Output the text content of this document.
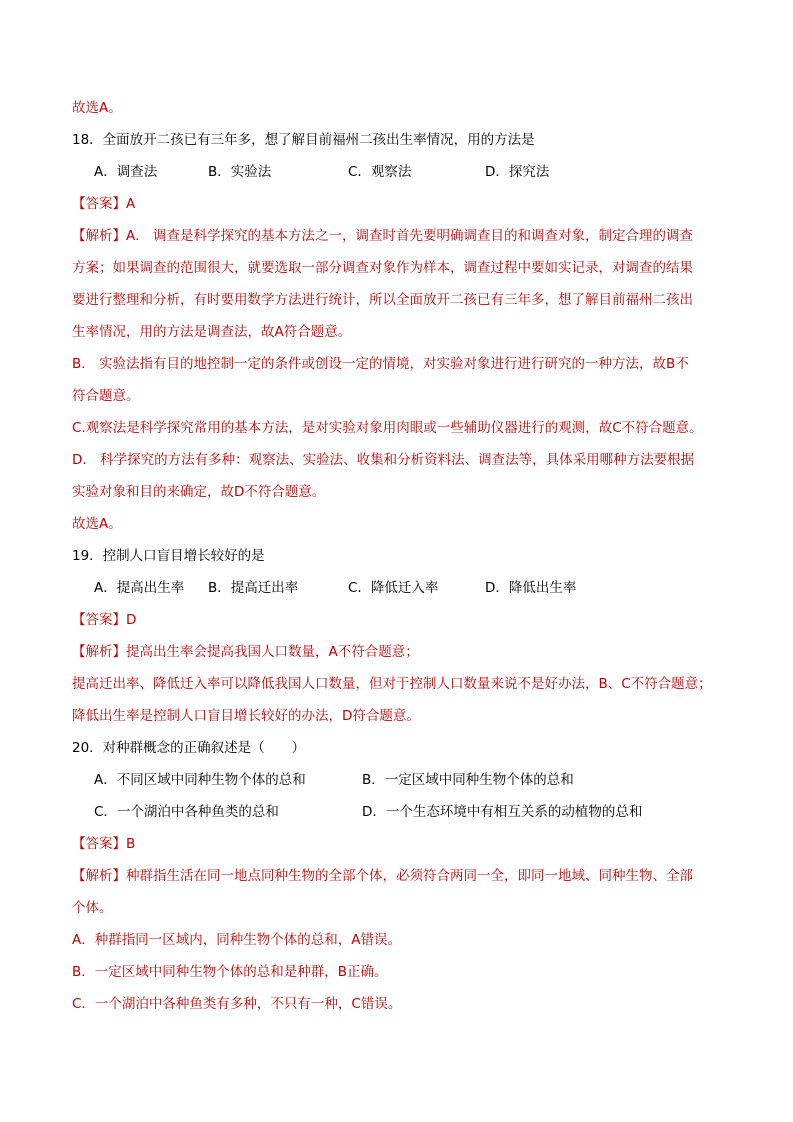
故选A。
18．全面放开二孩已有三年多，想了解目前福州二孩出生率情况，用的方法是
A．调查法	B．实验法	C．观察法	D．探究法
【答案】A
【解析】A． 调查是科学探究的基本方法之一，调查时首先要明确调查目的和调查对象，制定合理的调查
方案；如果调查的范围很大，就要选取一部分调查对象作为样本，调查过程中要如实记录，对调查的结果
要进行整理和分析，有时要用数学方法进行统计，所以全面放开二孩已有三年多，想了解目前福州二孩出
生率情况，用的方法是调查法，故A符合题意。
B． 实验法指有目的地控制一定的条件或创设一定的情境，对实验对象进行进行研究的一种方法，故B不
符合题意。
C.观察法是科学探究常用的基本方法，是对实验对象用肉眼或一些辅助仪器进行的观测，故C不符合题意。
D． 科学探究的方法有多种：观察法、实验法、收集和分析资料法、调查法等，具体采用哪种方法要根据
实验对象和目的来确定，故D不符合题意。
故选A。
19．控制人口盲目增长较好的是
A．提高出生率 B．提高迁出率	C．降低迁入率	D．降低出生率
【答案】D
【解析】提高出生率会提高我国人口数量，A不符合题意；
提高迁出率、降低迁入率可以降低我国人口数量，但对于控制人口数量来说不是好办法，B、C不符合题意；
降低出生率是控制人口盲目增长较好的办法，D符合题意。
20．对种群概念的正确叙述是（　　）
A．不同区域中同种生物个体的总和	B．一定区域中同种生物个体的总和
C．一个湖泊中各种鱼类的总和	D．一个生态环境中有相互关系的动植物的总和
【答案】B
【解析】种群指生活在同一地点同种生物的全部个体，必须符合两同一全，即同一地域、同种生物、全部
个体。
A．种群指同一区域内，同种生物个体的总和，A错误。
B．一定区域中同种生物个体的总和是种群，B正确。
C．一个湖泊中各种鱼类有多种，不只有一种，C错误。
